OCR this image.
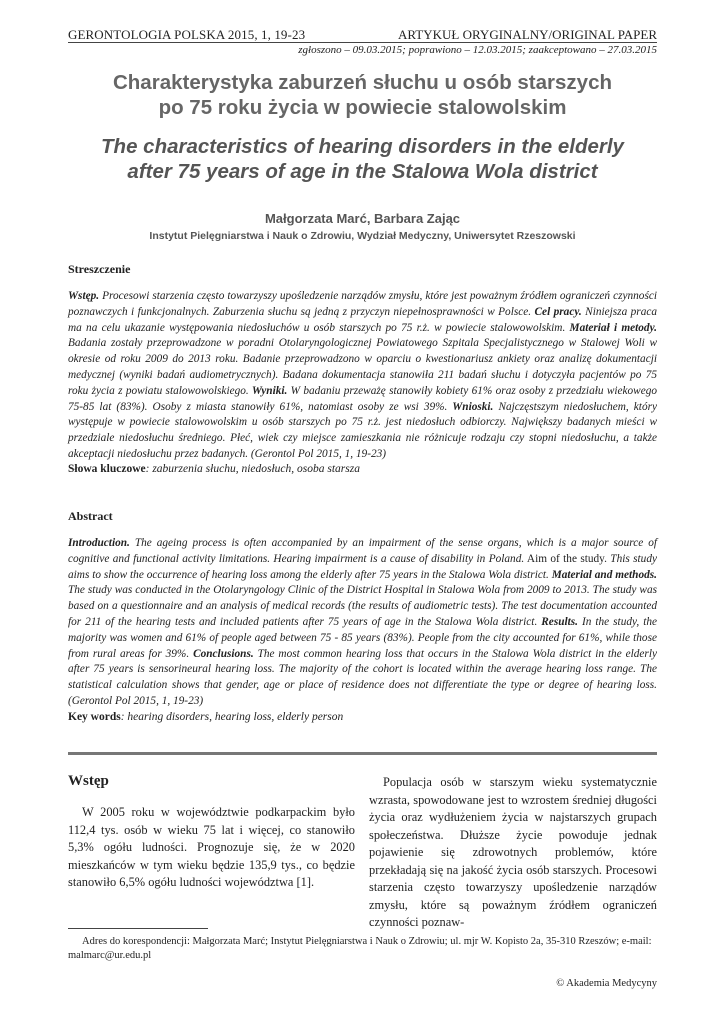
GERONTOLOGIA POLSKA 2015, 1, 19-23	ARTYKUŁ ORYGINALNY/ORIGINAL PAPER
zgłoszono – 09.03.2015; poprawiono – 12.03.2015; zaakceptowano – 27.03.2015
Charakterystyka zaburzeń słuchu u osób starszych
po 75 roku życia w powiecie stalowolskim
The characteristics of hearing disorders in the elderly
after 75 years of age in the Stalowa Wola district
Małgorzata Marć, Barbara Zając
Instytut Pielęgniarstwa i Nauk o Zdrowiu, Wydział Medyczny, Uniwersytet Rzeszowski
Streszczenie
Wstęp. Procesowi starzenia często towarzyszy upośledzenie narządów zmysłu, które jest poważnym źródłem ograniczeń czynności poznawczych i funkcjonalnych. Zaburzenia słuchu są jedną z przyczyn niepełnosprawności w Polsce. Cel pracy. Niniejsza praca ma na celu ukazanie występowania niedosłuchów u osób starszych po 75 r.ż. w powiecie stalowowolskim. Materiał i metody. Badania zostały przeprowadzone w poradni Otolaryngologicznej Powiatowego Szpitala Specjalistycznego w Stalowej Woli w okresie od roku 2009 do 2013 roku. Badanie przeprowadzono w oparciu o kwestionariusz ankiety oraz analizę dokumentacji medycznej (wyniki badań audiometrycznych). Badana dokumentacja stanowiła 211 badań słuchu i dotyczyła pacjentów po 75 roku życia z powiatu stalowowolskiego. Wyniki. W badaniu przeważę stanowiły kobiety 61% oraz osoby z przedziału wiekowego 75-85 lat (83%). Osoby z miasta stanowiły 61%, natomiast osoby ze wsi 39%. Wnioski. Najczęstszym niedosłuchem, który występuje w powiecie stalowowolskim u osób starszych po 75 r.ż. jest niedosłuch odbiorczy. Największy badanych mieści w przedziale niedosłuchu średniego. Płeć, wiek czy miejsce zamieszkania nie różnicuje rodzaju czy stopni niedosłuchu, a także akceptacji niedosłuchu przez badanych. (Gerontol Pol 2015, 1, 19-23)
Słowa kluczowe: zaburzenia słuchu, niedosłuch, osoba starsza
Abstract
Introduction. The ageing process is often accompanied by an impairment of the sense organs, which is a major source of cognitive and functional activity limitations. Hearing impairment is a cause of disability in Poland. Aim of the study. This study aims to show the occurrence of hearing loss among the elderly after 75 years in the Stalowa Wola district. Material and methods. The study was conducted in the Otolaryngology Clinic of the District Hospital in Stalowa Wola from 2009 to 2013. The study was based on a questionnaire and an analysis of medical records (the results of audiometric tests). The test documentation accounted for 211 of the hearing tests and included patients after 75 years of age in the Stalowa Wola district. Results. In the study, the majority was women and 61% of people aged between 75 - 85 years (83%). People from the city accounted for 61%, while those from rural areas for 39%. Conclusions. The most common hearing loss that occurs in the Stalowa Wola district in the elderly after 75 years is sensorineural hearing loss. The majority of the cohort is located within the average hearing loss range. The statistical calculation shows that gender, age or place of residence does not differentiate the type or degree of hearing loss. (Gerontol Pol 2015, 1, 19-23)
Key words: hearing disorders, hearing loss, elderly person
Wstęp

W 2005 roku w województwie podkarpackim było 112,4 tys. osób w wieku 75 lat i więcej, co stanowiło 5,3% ogółu ludności. Prognozuje się, że w 2020 mieszkańców w tym wieku będzie 135,9 tys., co będzie stanowiło 6,5% ogółu ludności województwa [1].

Populacja osób w starszym wieku systematycznie wzrasta, spowodowane jest to wzrostem średniej długości życia oraz wydłużeniem życia w najstarszych grupach społeczeństwa. Dłuższe życie powoduje jednak pojawienie się zdrowotnych problemów, które przekładają się na jakość życia osób starszych. Procesowi starzenia często towarzyszy upośledzenie narządów zmysłu, które są poważnym źródłem ograniczeń czynności poznaw-

Adres do korespondencji: Małgorzata Marć; Instytut Pielęgniarstwa i Nauk o Zdrowiu; ul. mjr W. Kopisto 2a, 35-310 Rzeszów; e-mail: malmarc@ur.edu.pl
© Akademia Medycyny
